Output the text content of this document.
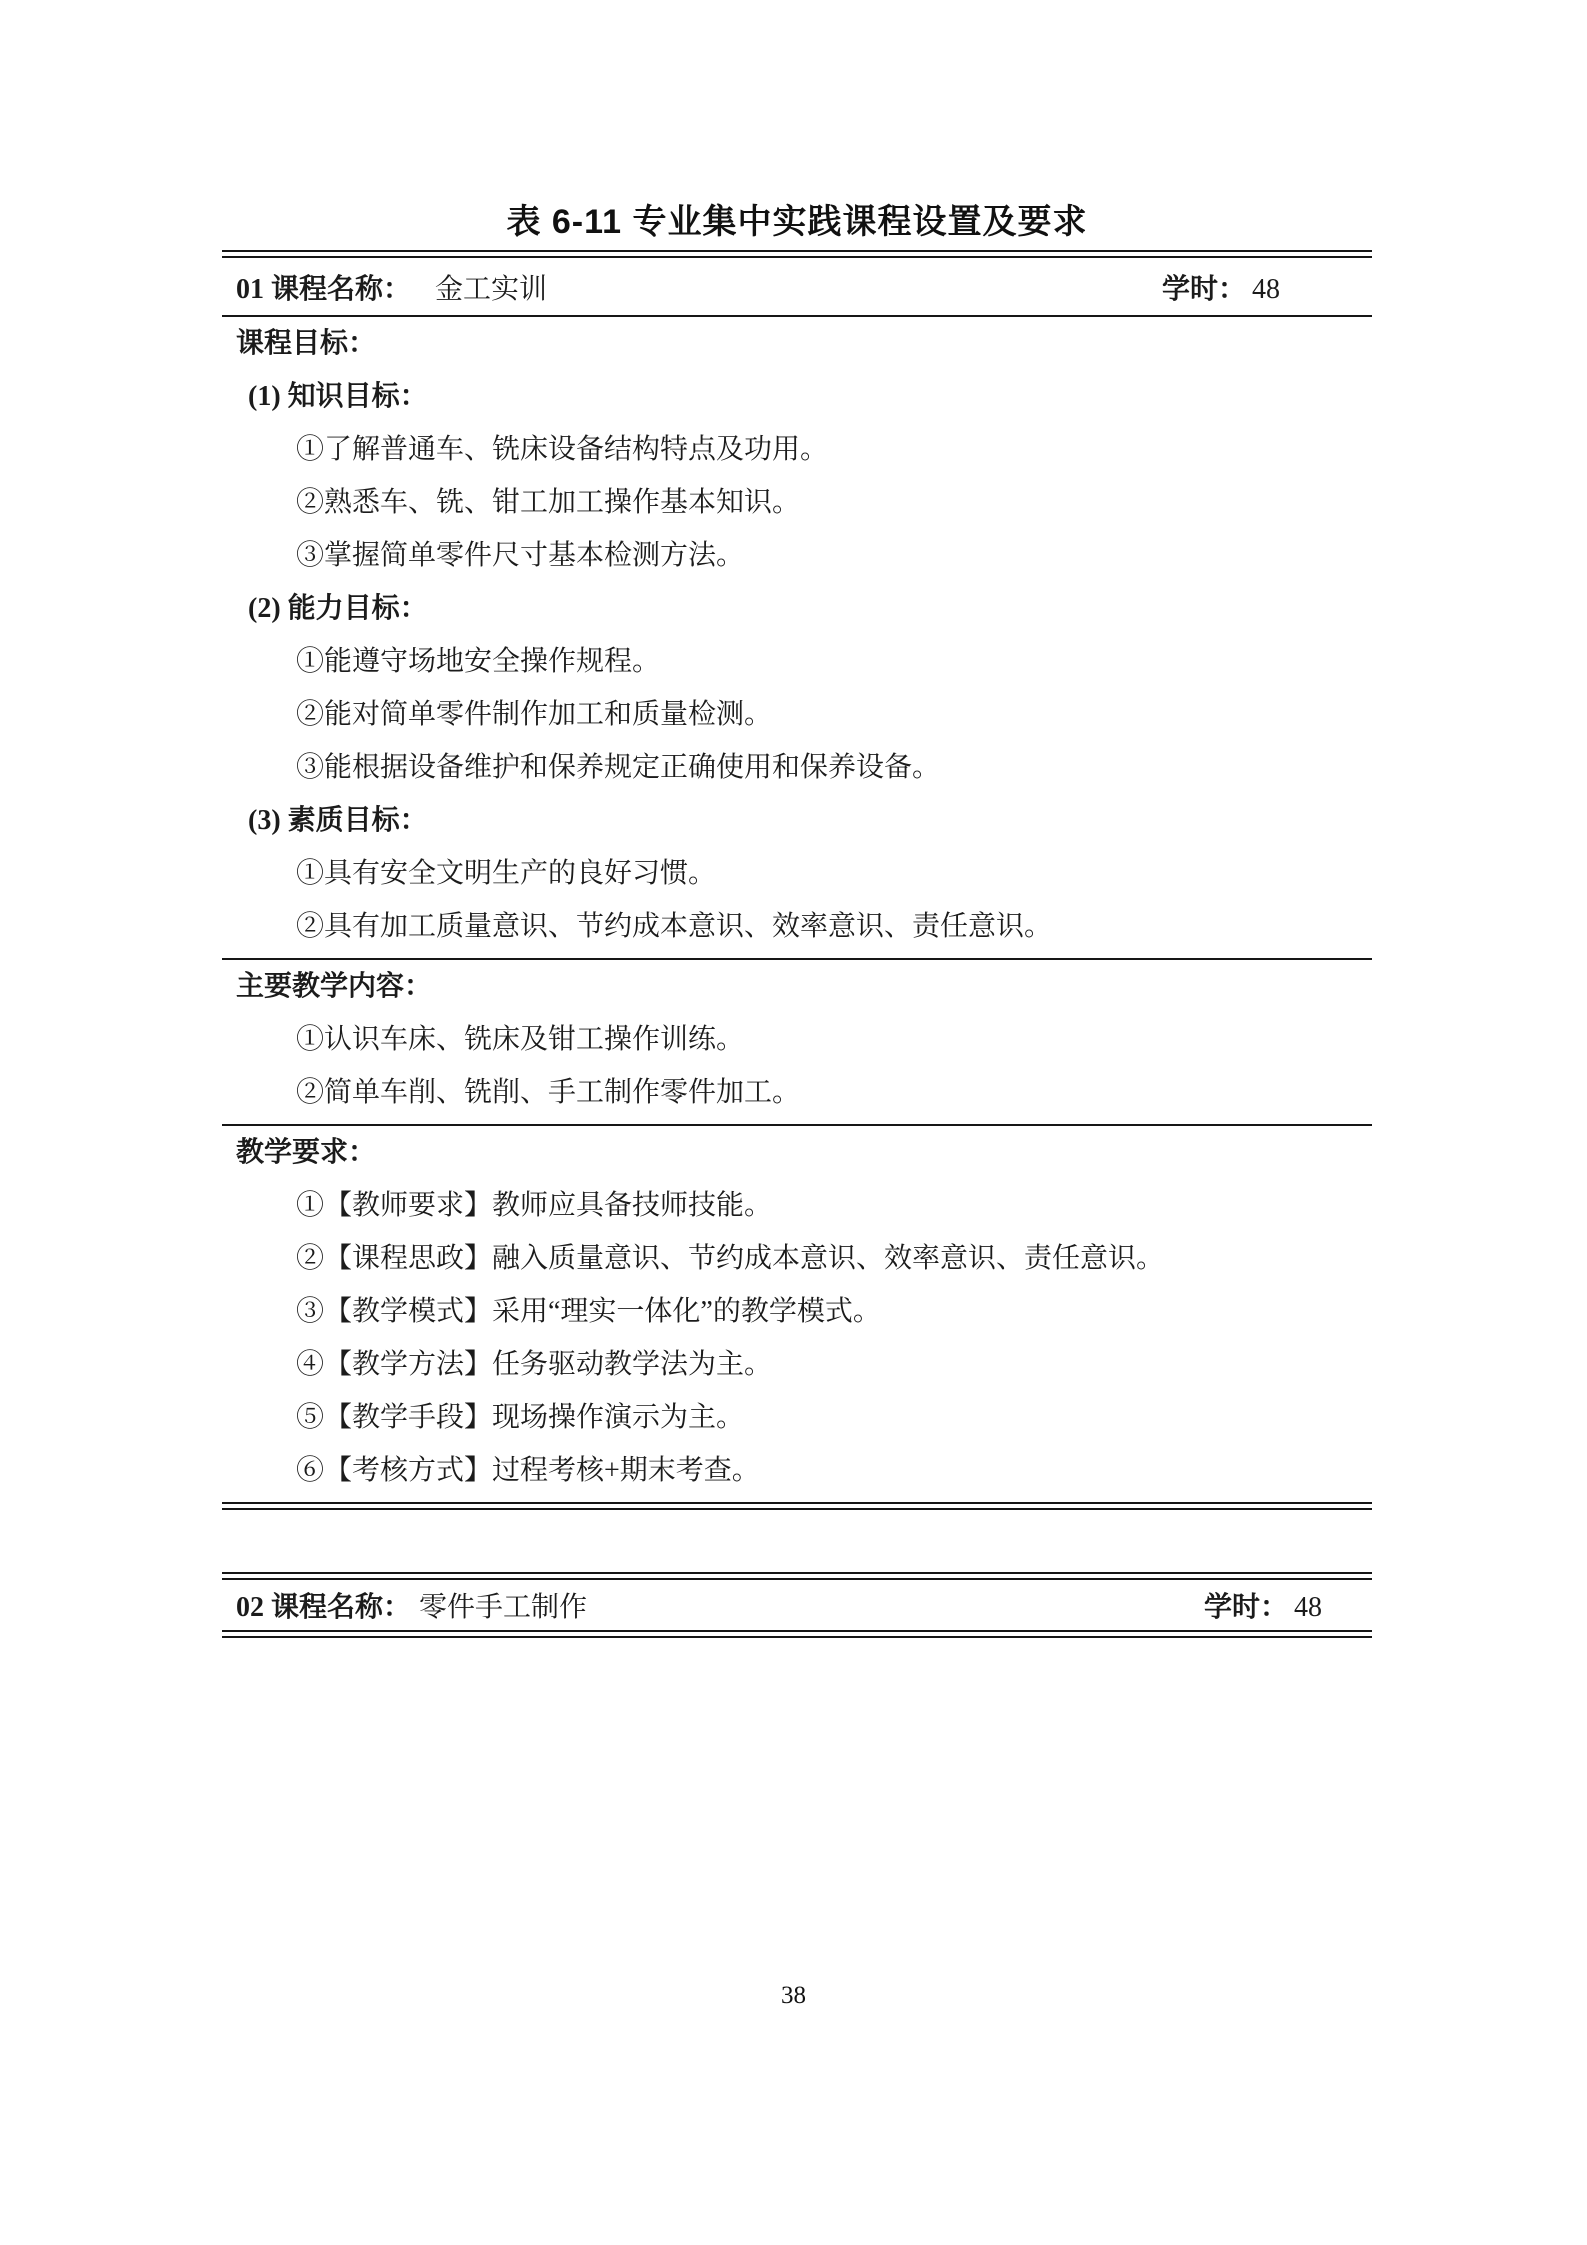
表 6-11 专业集中实践课程设置及要求
01 课程名称： 金工实训	学时： 48
课程目标：
(1) 知识目标：
①了解普通车、铣床设备结构特点及功用。
②熟悉车、铣、钳工加工操作基本知识。
③掌握简单零件尺寸基本检测方法。
(2) 能力目标：
①能遵守场地安全操作规程。
②能对简单零件制作加工和质量检测。
③能根据设备维护和保养规定正确使用和保养设备。
(3) 素质目标：
①具有安全文明生产的良好习惯。
②具有加工质量意识、节约成本意识、效率意识、责任意识。
主要教学内容：
①认识车床、铣床及钳工操作训练。
②简单车削、铣削、手工制作零件加工。
教学要求：
①【教师要求】教师应具备技师技能。
②【课程思政】融入质量意识、节约成本意识、效率意识、责任意识。
③【教学模式】采用“理实一体化”的教学模式。
④【教学方法】任务驱动教学法为主。
⑤【教学手段】现场操作演示为主。
⑥【考核方式】过程考核+期末考查。
02 课程名称： 零件手工制作	学时： 48
38
